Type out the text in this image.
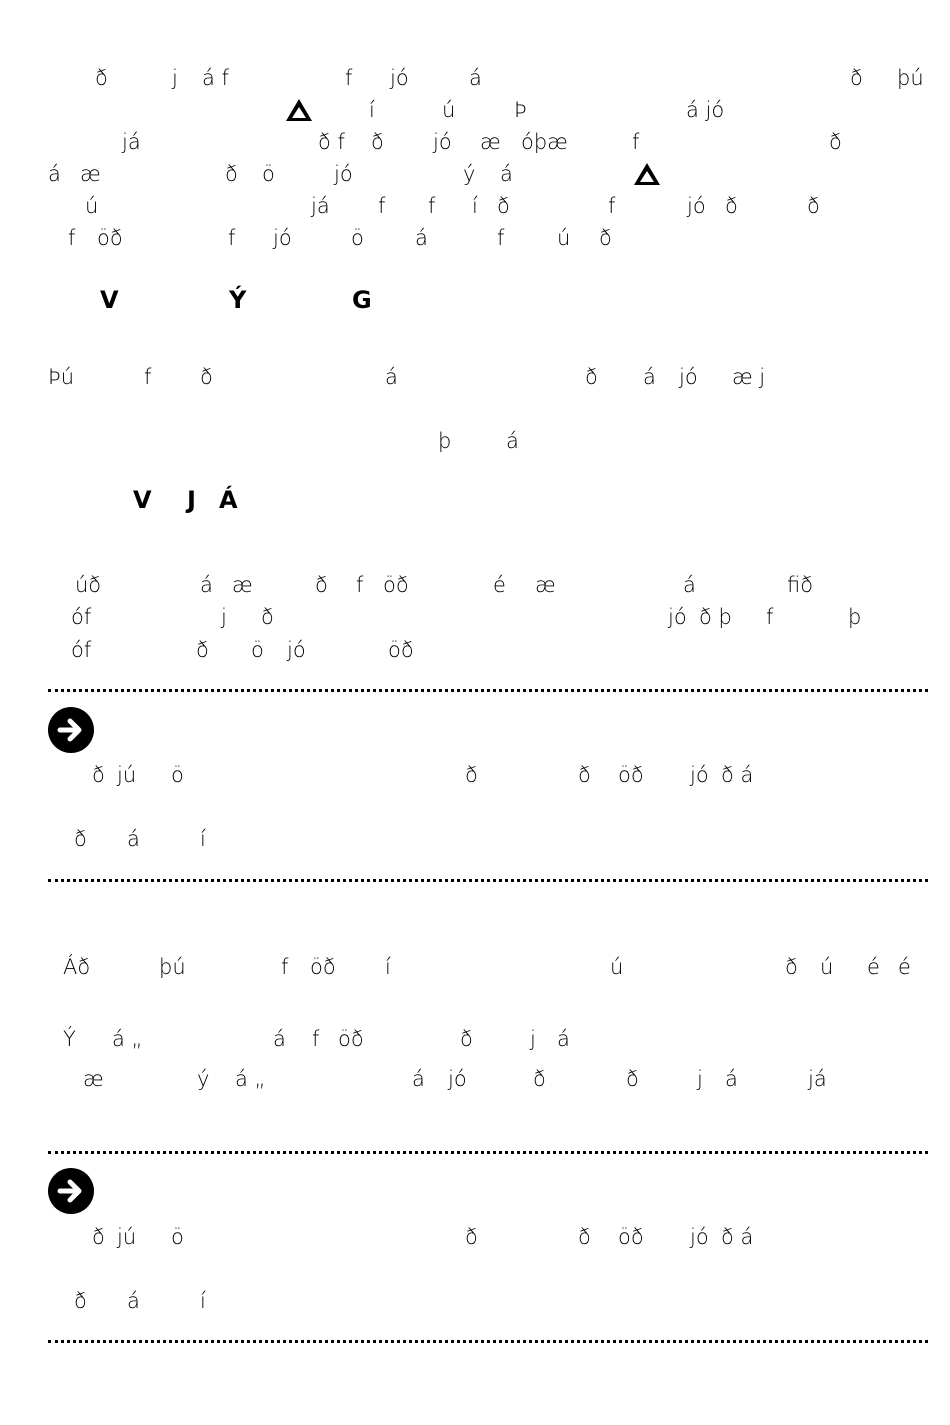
ð	j á f	f jó	á	ð þú
í	ú	Þ	á jó
já	ð f ð jó æ óþæ	f	ð
á æ	ð ö	jó	ý á
ú	já f f í ð	f	jó ð	ð
f öð	f jó	ö á	f	ú ð
V	Ý	G
Þú	f ð	á	ð á jó æ j
þ	á
V J Á
úð	á æ	ð f öð	é æ	á	fið
óf	j ð	jó ð þ f	þ
óf	ð ö jó	öð
ð jú ö	ð	ð öð jó ð á
ð á	í
Áð	þú	f öð í	ú	ð ú é é
Ý á „	á f öð	ð	j á
æ	ý á „	á jó	ð	ð	j á	já
ð jú ö	ð	ð öð jó ð á
ð á	í
